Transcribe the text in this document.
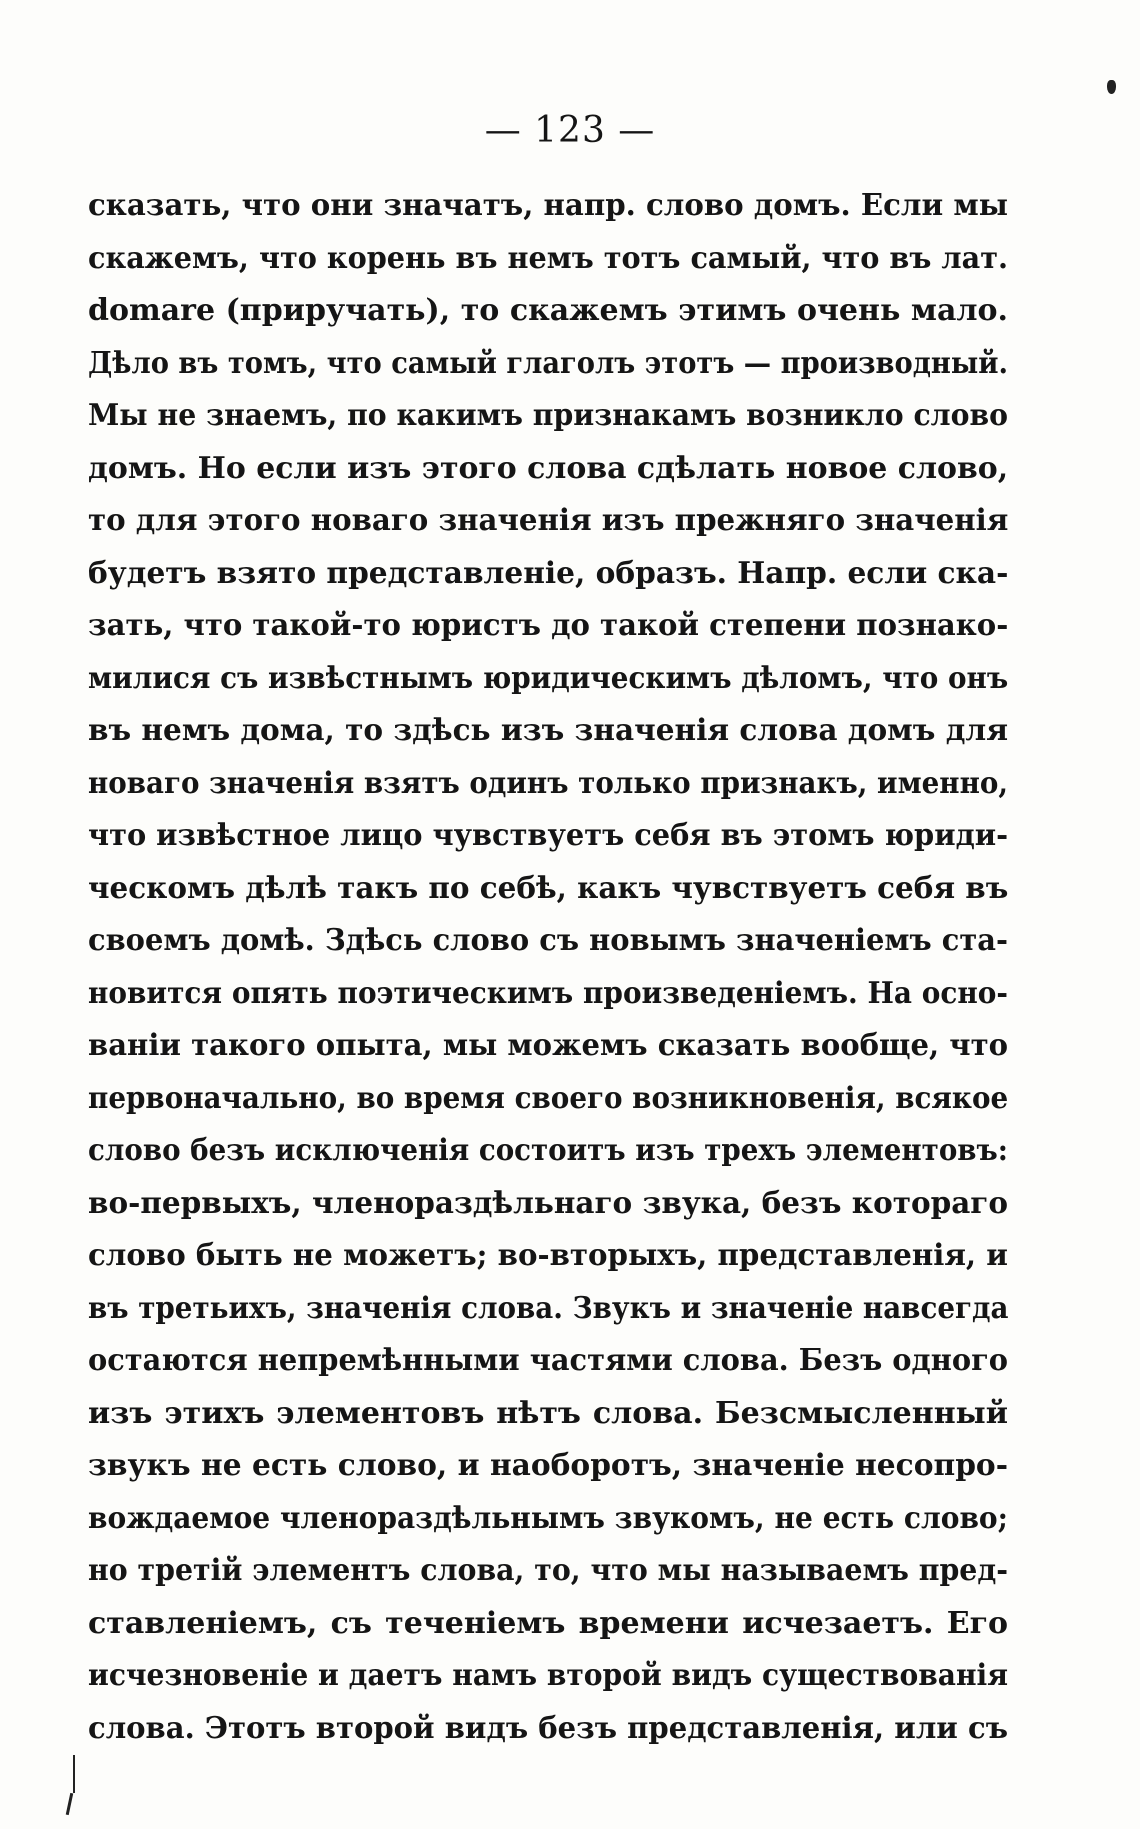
— 123 —
сказать, что они значатъ, напр. слово домъ. Если мы
скажемъ, что корень въ немъ тотъ самый, что въ лат.
domare (приручать), то скажемъ этимъ очень мало.
Дѣло въ томъ, что самый глаголъ этотъ — производный.
Мы не знаемъ, по какимъ признакамъ возникло слово
домъ. Но если изъ этого слова сдѣлать новое слово,
то для этого новаго значенія изъ прежняго значенія
будетъ взято представленіе, образъ. Напр. если ска-
зать, что такой-то юристъ до такой степени познако-
милися съ извѣстнымъ юридическимъ дѣломъ, что онъ
въ немъ дома, то здѣсь изъ значенія слова домъ для
новаго значенія взятъ одинъ только признакъ, именно,
что извѣстное лицо чувствуетъ себя въ этомъ юриди-
ческомъ дѣлѣ такъ по себѣ, какъ чувствуетъ себя въ
своемъ домѣ. Здѣсь слово съ новымъ значеніемъ ста-
новится опять поэтическимъ произведеніемъ. На осно-
ваніи такого опыта, мы можемъ сказать вообще, что
первоначально, во время своего возникновенія, всякое
слово безъ исключенія состоитъ изъ трехъ элементовъ:
во-первыхъ, членораздѣльнаго звука, безъ котораго
слово быть не можетъ; во-вторыхъ, представленія, и
въ третьихъ, значенія слова. Звукъ и значеніе навсегда
остаются непремѣнными частями слова. Безъ одного
изъ этихъ элементовъ нѣтъ слова. Безсмысленный
звукъ не есть слово, и наоборотъ, значеніе несопро-
вождаемое членораздѣльнымъ звукомъ, не есть слово;
но третій элементъ слова, то, что мы называемъ пред-
ставленіемъ, съ теченіемъ времени исчезаетъ. Его
исчезновеніе и даетъ намъ второй видъ существованія
слова. Этотъ второй видъ безъ представленія, или съ
